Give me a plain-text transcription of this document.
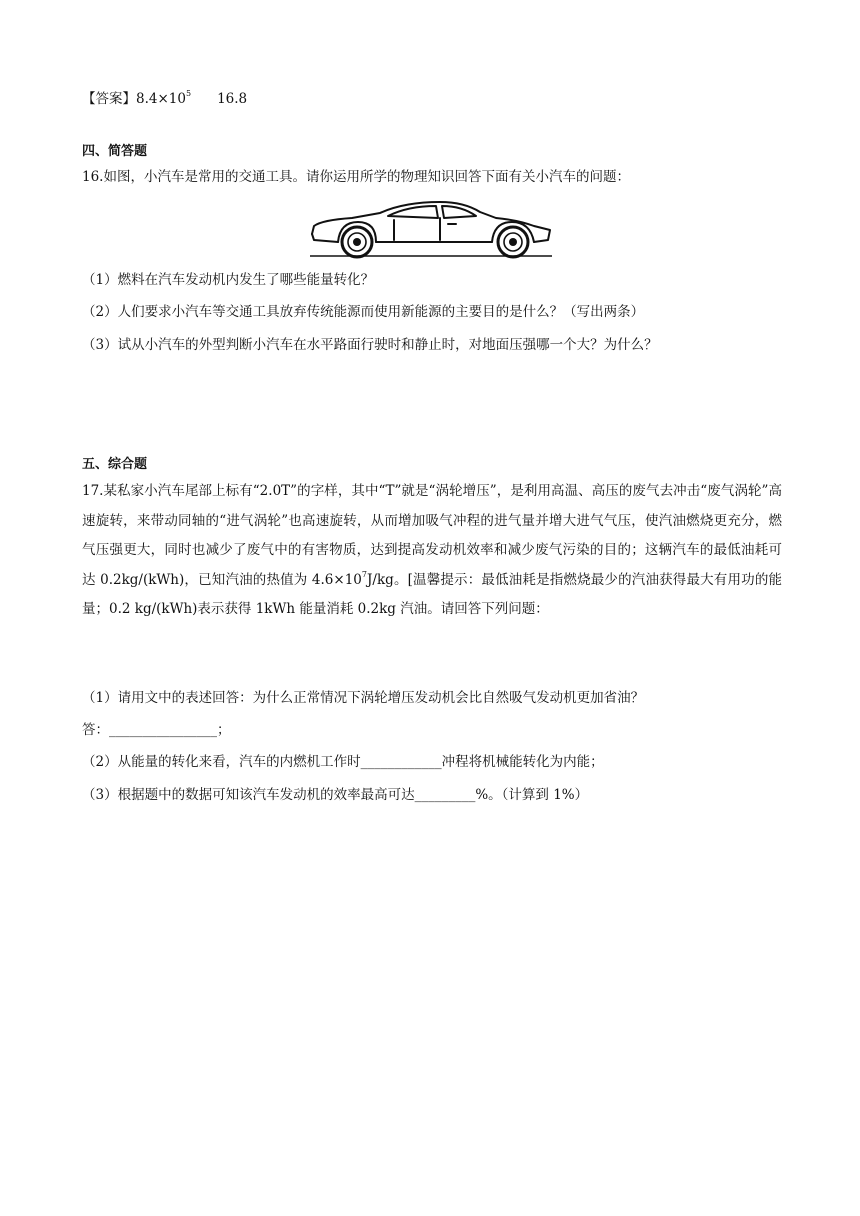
【答案】$8.4\times 10^5$ 16.8
四、简答题
16.如图，小汽车是常用的交通工具。请你运用所学的物理知识回答下面有关小汽车的问题：
（1）燃料在汽车发动机内发生了哪些能量转化？
（2）人们要求小汽车等交通工具放弃传统能源而使用新能源的主要目的是什么？（写出两条）
（3）试从小汽车的外型判断小汽车在水平路面行驶时和静止时，对地面压强哪一个大？为什么？
五、综合题
17.某私家小汽车尾部上标有“2.0T”的字样，其中“T”就是“涡轮增压”，是利用高温、高压的废气去冲击“废气涡轮”高速旋转，来带动同轴的“进气涡轮”也高速旋转，从而增加吸气冲程的进气量并增大进气气压，使汽油燃烧更充分，燃气压强更大，同时也减少了废气中的有害物质，达到提高发动机效率和减少废气污染的目的；这辆汽车的最低油耗可达 0.2kg/(kWh)，已知汽油的热值为 $4.6\times 10^7J/kg$。[温馨提示：最低油耗是指燃烧最少的汽油获得最大有用功的能量；0.2 kg/(kWh)表示获得 1kWh 能量消耗 0.2kg 汽油。请回答下列问题：
（1）请用文中的表述回答：为什么正常情况下涡轮增压发动机会比自然吸气发动机更加省油？
答：________________；
（2）从能量的转化来看，汽车的内燃机工作时____________冲程将机械能转化为内能；
（3）根据题中的数据可知该汽车发动机的效率最高可达_________%。（计算到 1%）
